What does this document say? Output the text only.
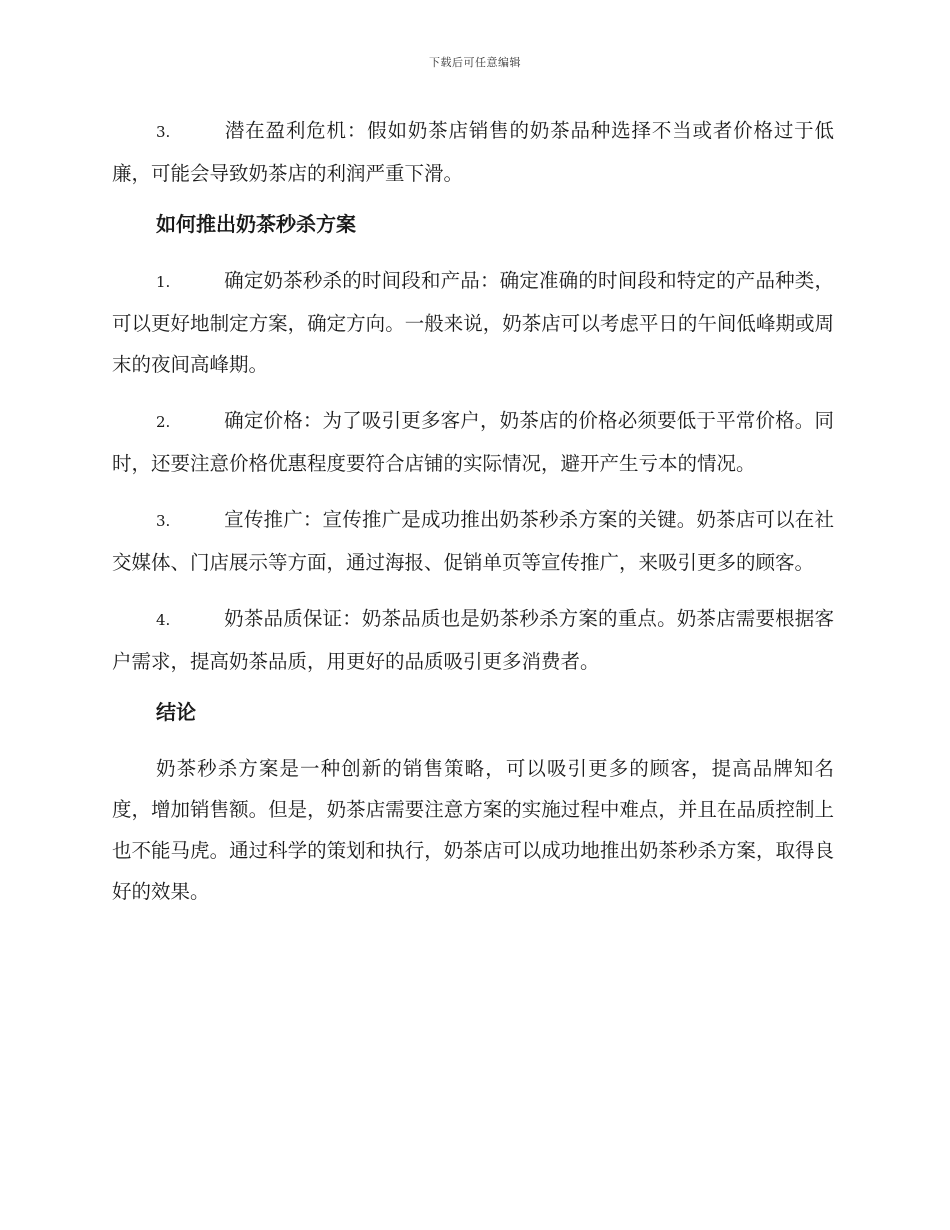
下载后可任意编辑

3.	潜在盈利危机：假如奶茶店销售的奶茶品种选择不当或者价格过于低廉，可能会导致奶茶店的利润严重下滑。

如何推出奶茶秒杀方案

1.	确定奶茶秒杀的时间段和产品：确定准确的时间段和特定的产品种类，可以更好地制定方案，确定方向。一般来说，奶茶店可以考虑平日的午间低峰期或周末的夜间高峰期。

2.	确定价格：为了吸引更多客户，奶茶店的价格必须要低于平常价格。同时，还要注意价格优惠程度要符合店铺的实际情况，避开产生亏本的情况。

3.	宣传推广：宣传推广是成功推出奶茶秒杀方案的关键。奶茶店可以在社交媒体、门店展示等方面，通过海报、促销单页等宣传推广，来吸引更多的顾客。

4.	奶茶品质保证：奶茶品质也是奶茶秒杀方案的重点。奶茶店需要根据客户需求，提高奶茶品质，用更好的品质吸引更多消费者。

结论

奶茶秒杀方案是一种创新的销售策略，可以吸引更多的顾客，提高品牌知名度，增加销售额。但是，奶茶店需要注意方案的实施过程中难点，并且在品质控制上也不能马虎。通过科学的策划和执行，奶茶店可以成功地推出奶茶秒杀方案，取得良好的效果。
